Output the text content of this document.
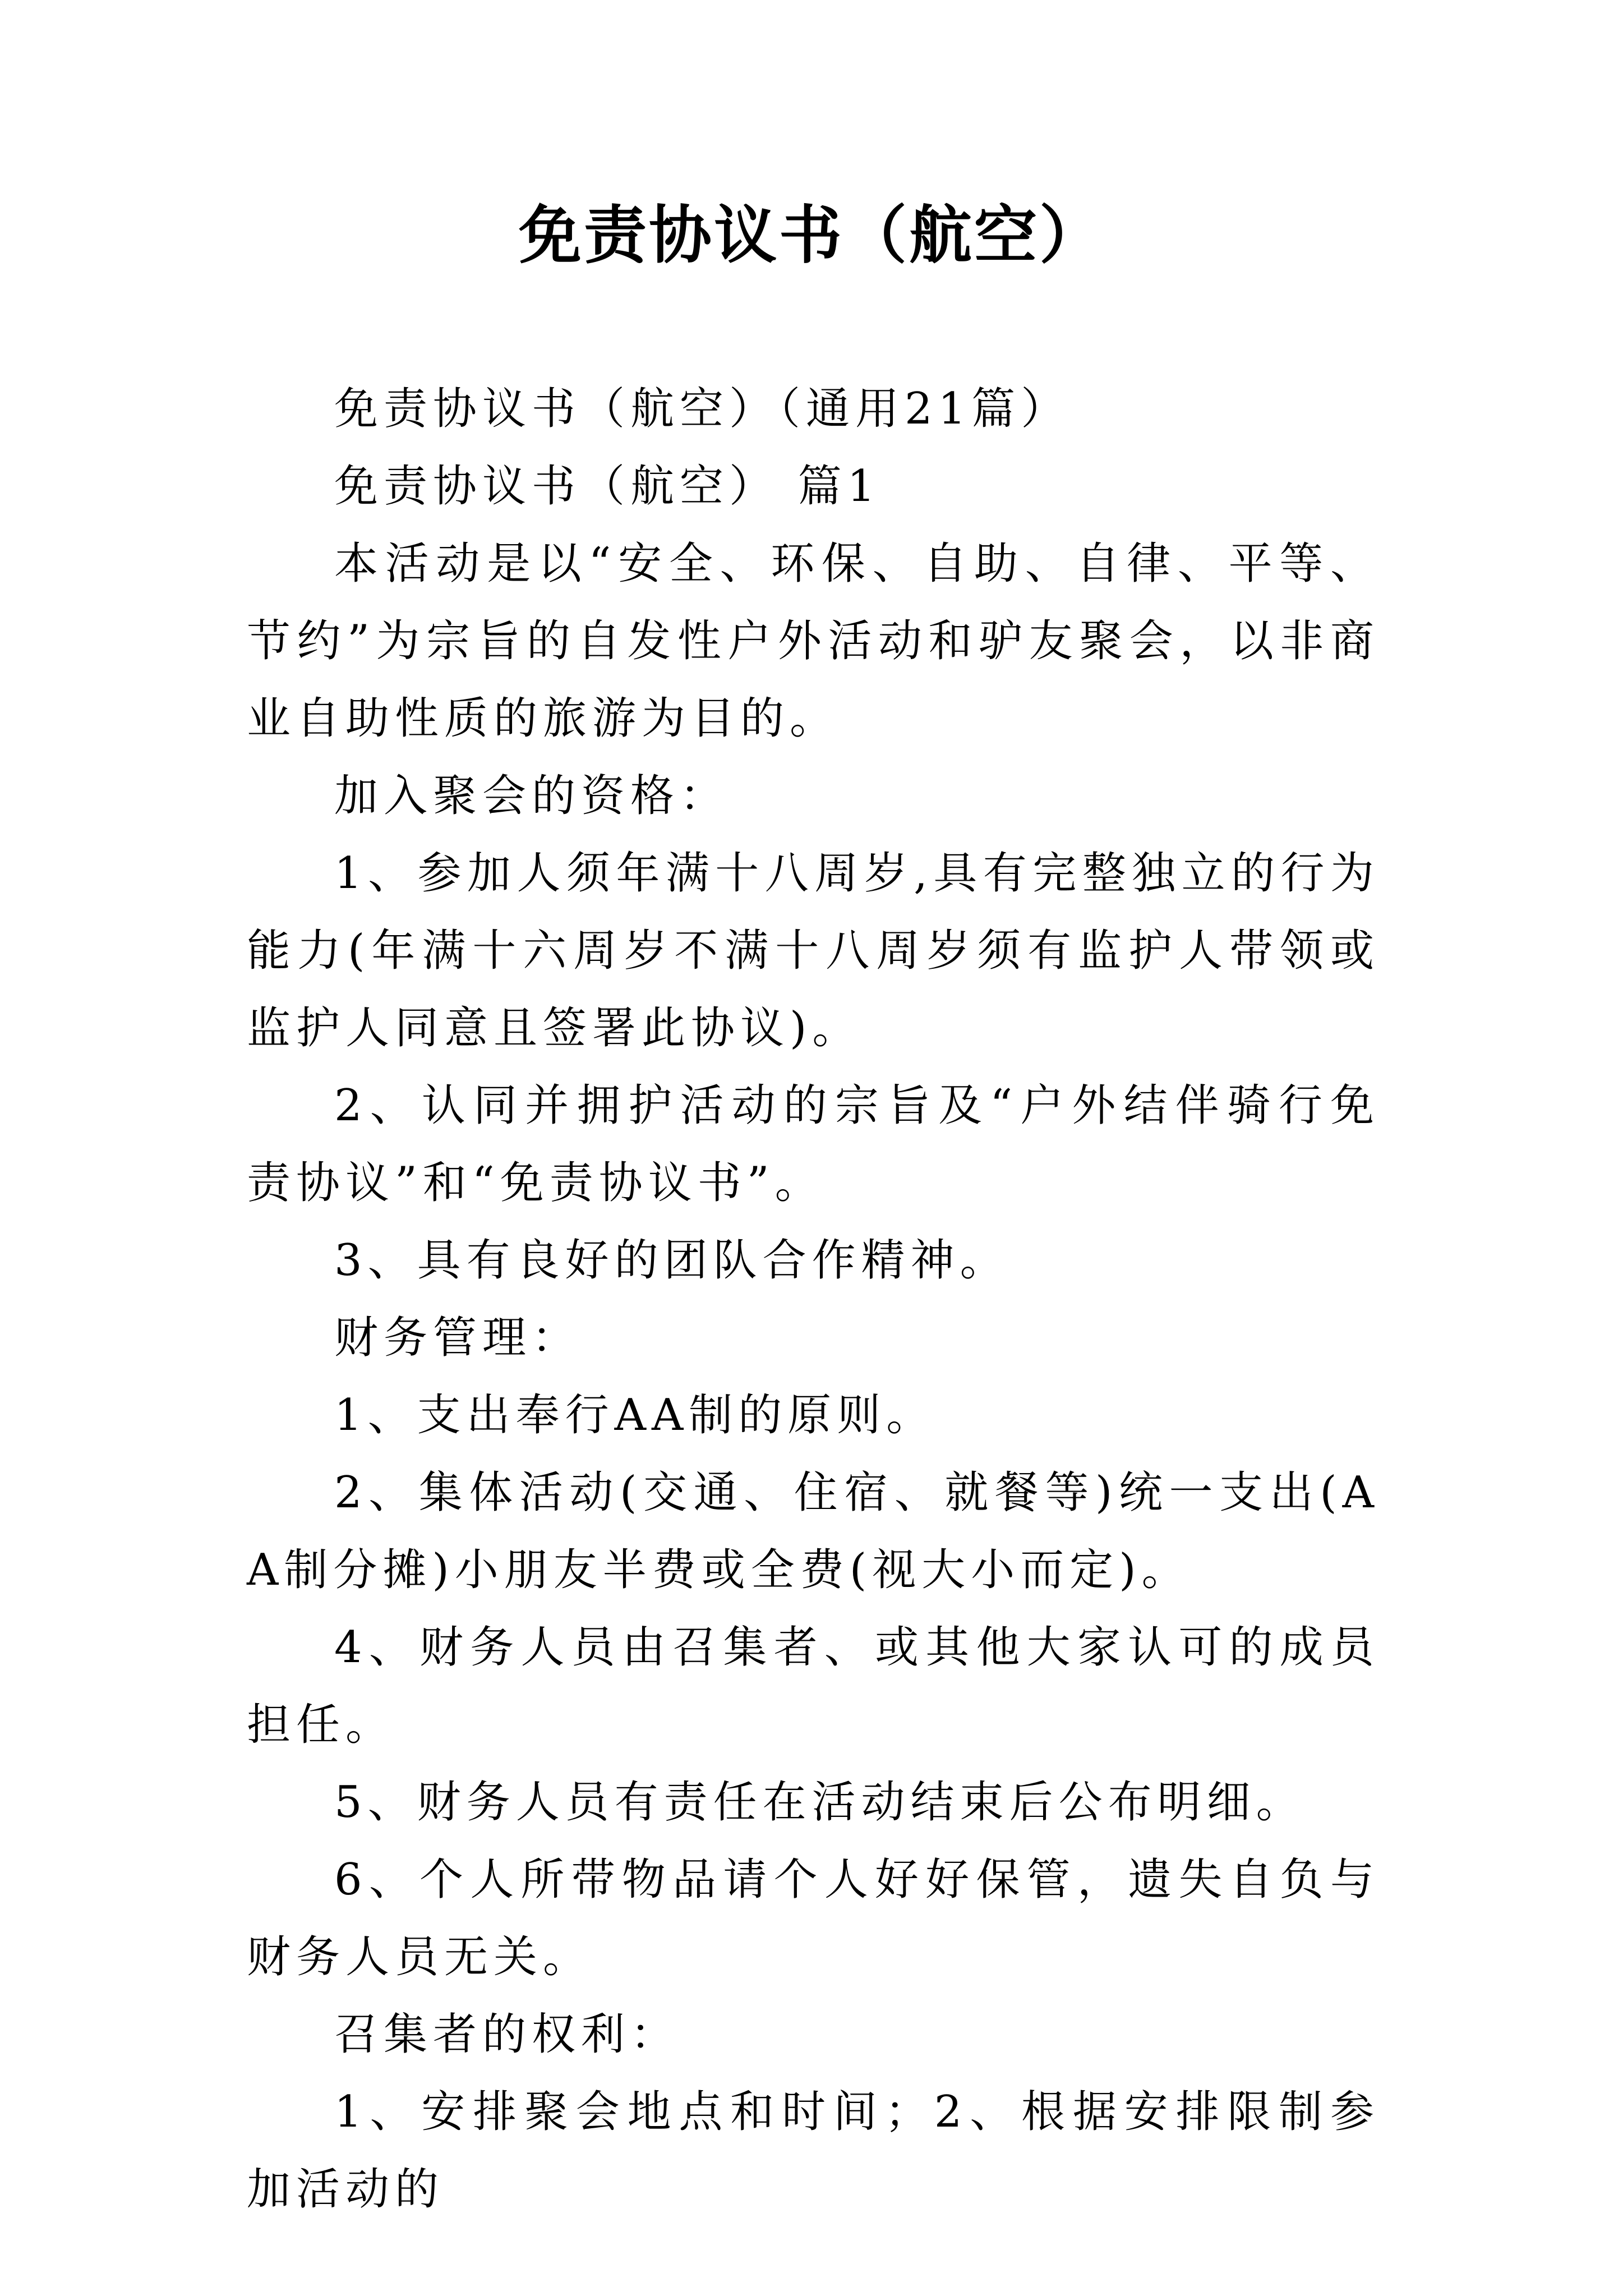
免责协议书（航空）

免责协议书（航空）（通用21篇）

免责协议书（航空） 篇1

本活动是以“安全、环保、自助、自律、平等、节约”为宗旨的自发性户外活动和驴友聚会，以非商业自助性质的旅游为目的。

加入聚会的资格：

1、参加人须年满十八周岁,具有完整独立的行为能力(年满十六周岁不满十八周岁须有监护人带领或监护人同意且签署此协议)。

2、认同并拥护活动的宗旨及“户外结伴骑行免责协议”和“免责协议书”。

3、具有良好的团队合作精神。

财务管理：

1、支出奉行AA制的原则。

2、集体活动(交通、住宿、就餐等)统一支出(AA制分摊)小朋友半费或全费(视大小而定)。

4、财务人员由召集者、或其他大家认可的成员担任。

5、财务人员有责任在活动结束后公布明细。

6、个人所带物品请个人好好保管，遗失自负与财务人员无关。

召集者的权利：

1、安排聚会地点和时间；2、根据安排限制参加活动的
